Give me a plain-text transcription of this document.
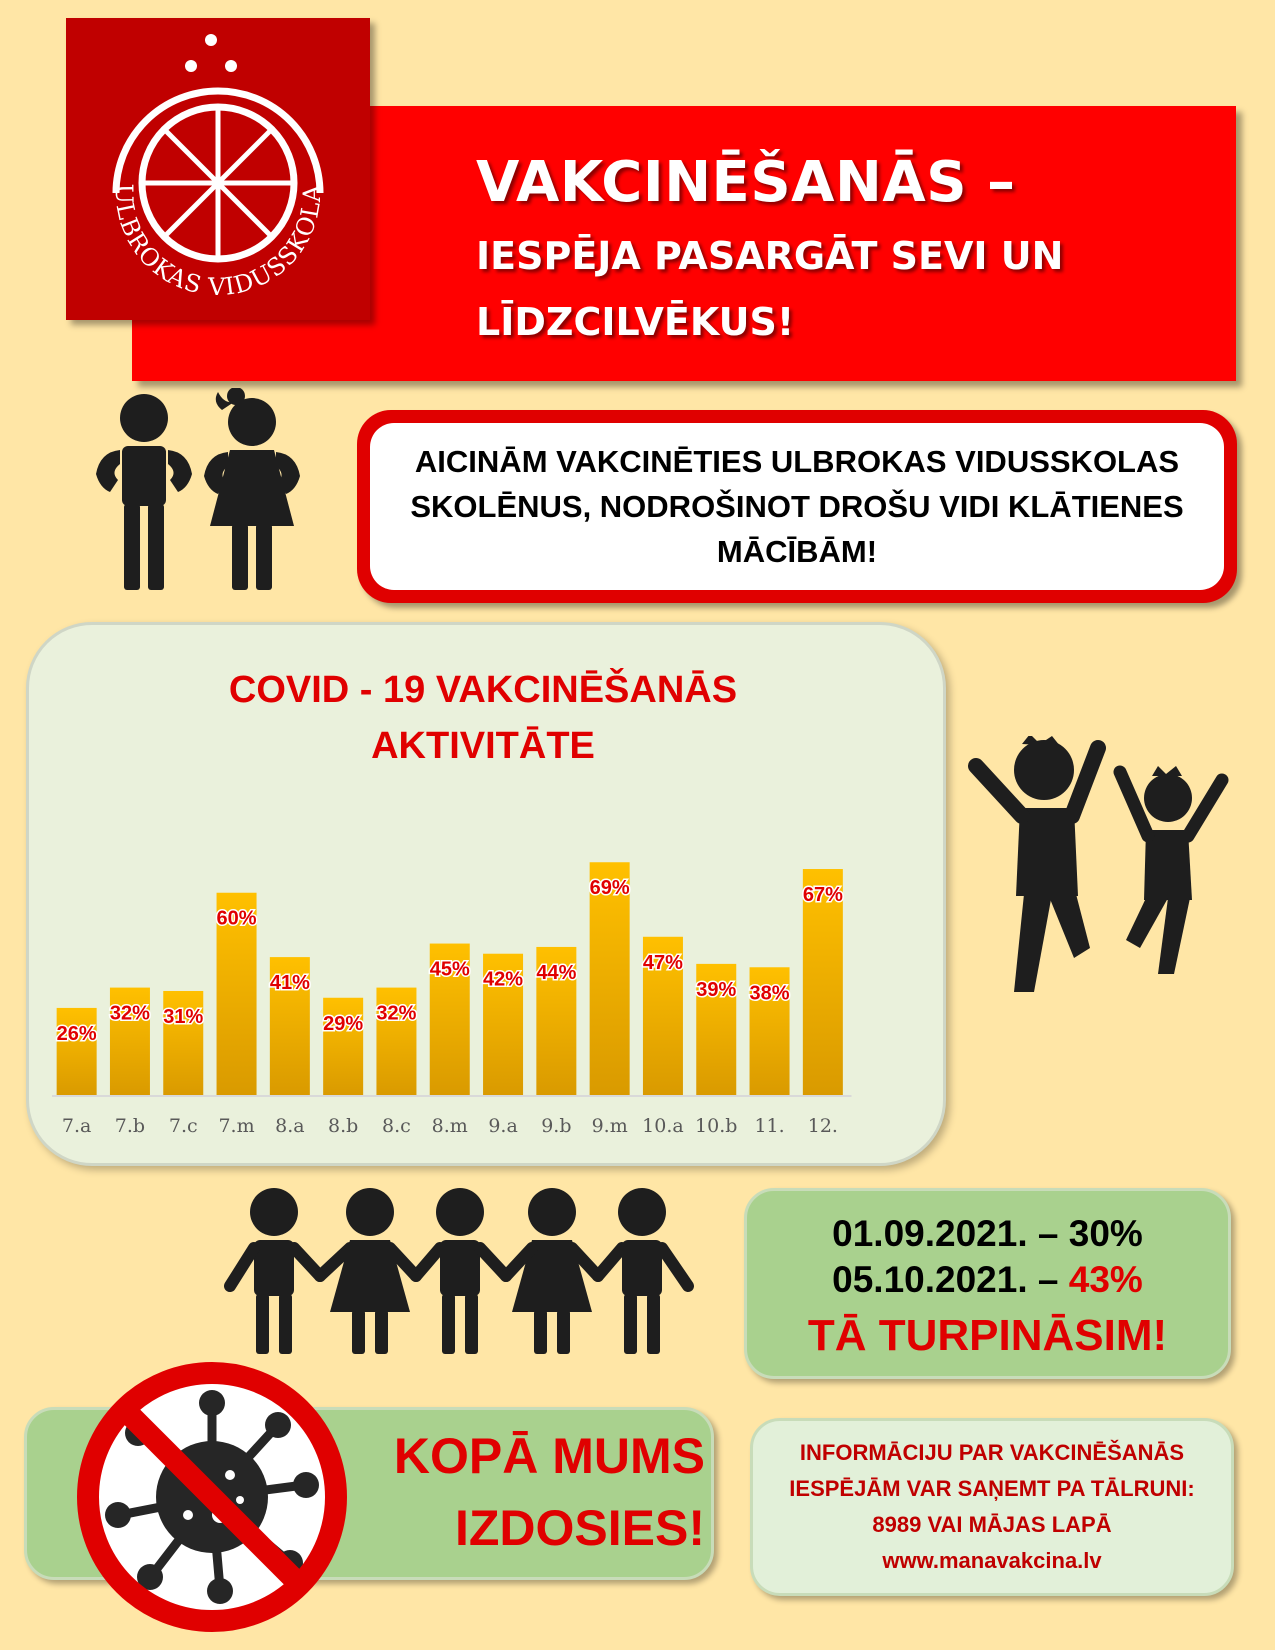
ULBROKAS VIDUSSKOLA	VAKCINĒŠANĀS –
IESPĒJA PASARGĀT SEVI UN
LĪDZCILVĒKUS!
AICINĀM VAKCINĒTIES ULBROKAS VIDUSSKOLAS SKOLĒNUS, NODROŠINOT DROŠU VIDI KLĀTIENES MĀCĪBĀM!
COVID - 19 VAKCINĒŠANĀS
AKTIVITĀTE
26%
7.a
32%
7.b
31%
7.c
60%
7.m
41%
8.a
29%
8.b
32%
8.c
45%
8.m
42%
9.a
44%
9.b
69%
9.m
47%
10.a
39%
10.b
38%
11.
67%
12.
01.09.2021. – 30%
05.10.2021. – 43%
TĀ TURPINĀSIM!
KOPĀ MUMS
IZDOSIES!
INFORMĀCIJU PAR VAKCINĒŠANĀS
IESPĒJĀM VAR SAŅEMT PA TĀLRUNI:
8989 VAI MĀJAS LAPĀ
www.manavakcina.lv
